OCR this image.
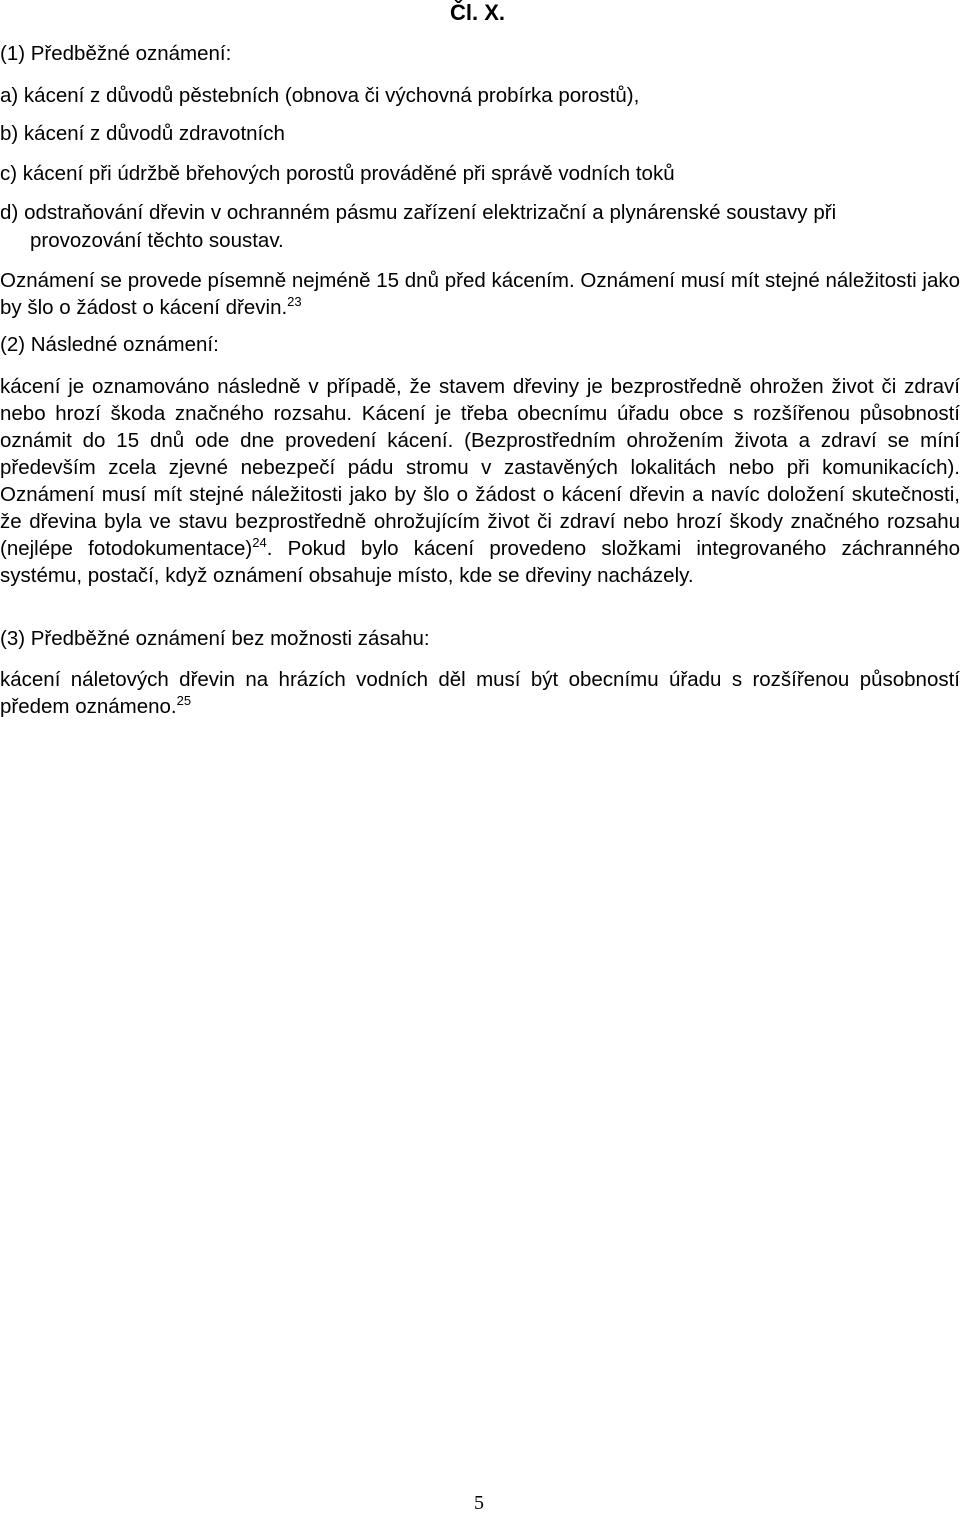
Čl. X.
(1) Předběžné oznámení:
a) kácení z důvodů pěstebních (obnova či výchovná probírka porostů),
b) kácení z důvodů zdravotních
c) kácení při údržbě břehových porostů prováděné při správě vodních toků
d) odstraňování dřevin v ochranném pásmu zařízení elektrizační a plynárenské soustavy při
provozování těchto soustav.
Oznámení se provede písemně nejméně 15 dnů před kácením. Oznámení musí mít stejné náležitosti jako by šlo o žádost o kácení dřevin.$^{23}$
(2) Následné oznámení:
kácení je oznamováno následně v případě, že stavem dřeviny je bezprostředně ohrožen život či zdraví nebo hrozí škoda značného rozsahu. Kácení je třeba obecnímu úřadu obce s rozšířenou působností oznámit do 15 dnů ode dne provedení kácení. (Bezprostředním ohrožením života a zdraví se míní především zcela zjevné nebezpečí pádu stromu v zastavěných lokalitách nebo při komunikacích). Oznámení musí mít stejné náležitosti jako by šlo o žádost o kácení dřevin a navíc doložení skutečnosti, že dřevina byla ve stavu bezprostředně ohrožujícím život či zdraví nebo hrozí škody značného rozsahu (nejlépe fotodokumentace)$^{24}$. Pokud bylo kácení provedeno složkami integrovaného záchranného systému, postačí, když oznámení obsahuje místo, kde se dřeviny nacházely.
(3) Předběžné oznámení bez možnosti zásahu:
kácení náletových dřevin na hrázích vodních děl musí být obecnímu úřadu s rozšířenou působností předem oznámeno.$^{25}$
5
